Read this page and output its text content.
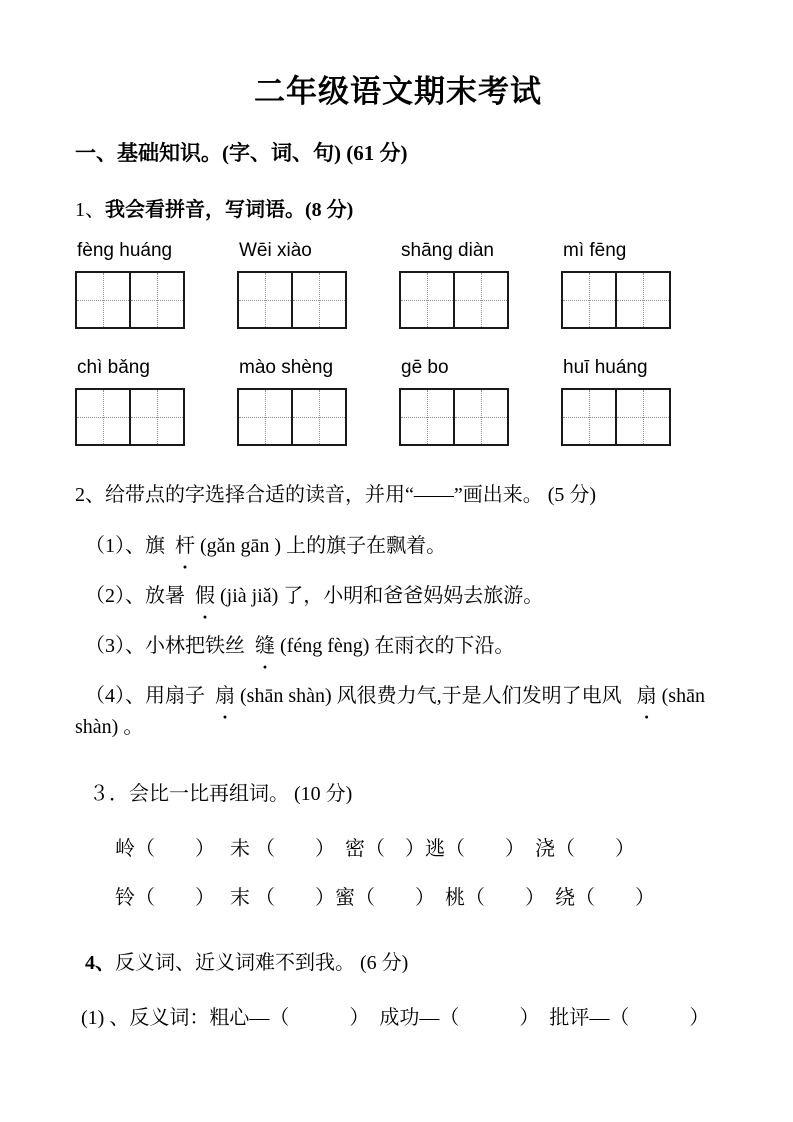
二年级语文期末考试
一、基础知识。(字、词、句) (61 分)

1、我会看拼音，写词语。(8 分)

fèng huáng	Wēi xiào	shāng diàn	mì fēng
chì bǎng	mào shèng	gē bo	huī huáng

2、给带点的字选择合适的读音，并用“——”画出来。 (5 分)

（1）、旗 杆 ● (gǎn gān ) 上的旗子在飘着。

（2）、放暑 假 ● (jià jiǎ) 了，小明和爸爸妈妈去旅游。

（3）、小林把铁丝 缝 ● (féng fèng) 在雨衣的下沿。

（4）、用扇子 扇 ● (shān shàn) 风很费力气,于是人们发明了电风 扇 ● (shān shàn) 。

３．会比一比再组词。 (10 分)

岭（　　）　 未 （　　）　密（　）逃（　　）　浇（　　）

铃（　　）　 末 （　　）蜜（　　）　桃（　　）　绕（　　）

4、反义词、近义词难不到我。 (6 分)

(1) 、反义词：粗心—（　　　）　成功—（　　　）　批评—（　　　）
